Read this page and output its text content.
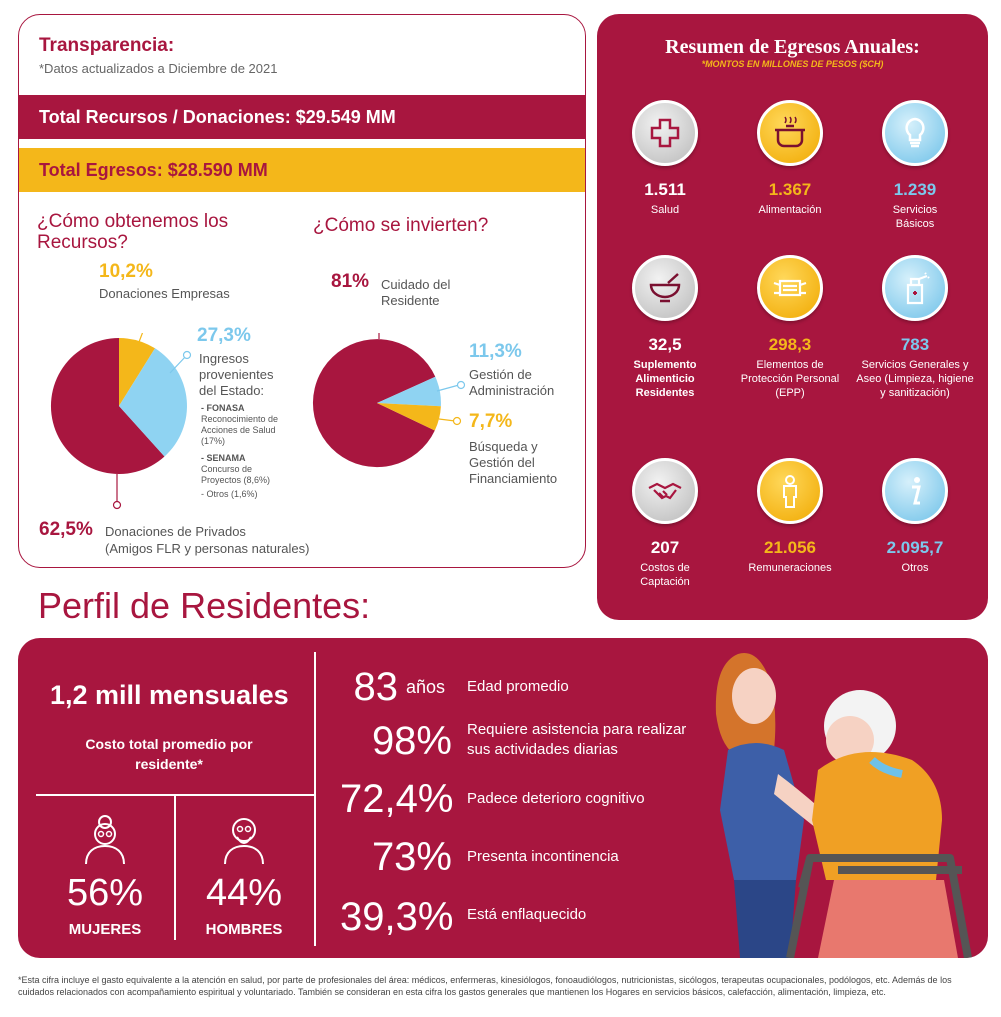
Transparencia:
*Datos actualizados a Diciembre de 2021
Total Recursos / Donaciones: $29.549 MM
Total Egresos: $28.590 MM
¿Cómo obtenemos los Recursos?
¿Cómo se invierten?
10,2%
Donaciones Empresas
27,3%
Ingresos provenientes del Estado:
- FONASA
Reconocimiento de Acciones de Salud (17%)
- SENAMA
Concurso de Proyectos (8,6%)
- Otros (1,6%)
62,5% Donaciones de Privados
(Amigos FLR y personas naturales)
81% Cuidado del Residente
11,3%
Gestión de Administración
7,7%
Búsqueda y Gestión del Financiamiento
Resumen de Egresos Anuales:
*MONTOS EN MILLONES DE PESOS ($CH)
1.511
Salud
1.367
Alimentación
1.239
Servicios Básicos
32,5
Suplemento Alimenticio Residentes
298,3
Elementos de Protección Personal (EPP)
783
Servicios Generales y Aseo (Limpieza, higiene y sanitización)
207
Costos de Captación
21.056
Remuneraciones
2.095,7
Otros
Perfil de Residentes:
1,2 mill mensuales
Costo total promedio por residente*
56%
MUJERES
44%
HOMBRES
83 años	Edad promedio
98% Requiere asistencia para realizar sus actividades diarias
72,4% Padece deterioro cognitivo
73% Presenta incontinencia
39,3% Está enflaquecido
*Esta cifra incluye el gasto equivalente a la atención en salud, por parte de profesionales del área: médicos, enfermeras, kinesiólogos, fonoaudiólogos, nutricionistas, sicólogos, terapeutas ocupacionales, podólogos, etc. Además de los cuidados relacionados con acompañamiento espiritual y voluntariado. También se consideran en esta cifra los gastos generales que mantienen los Hogares en servicios básicos, calefacción, alimentación, limpieza, etc.
